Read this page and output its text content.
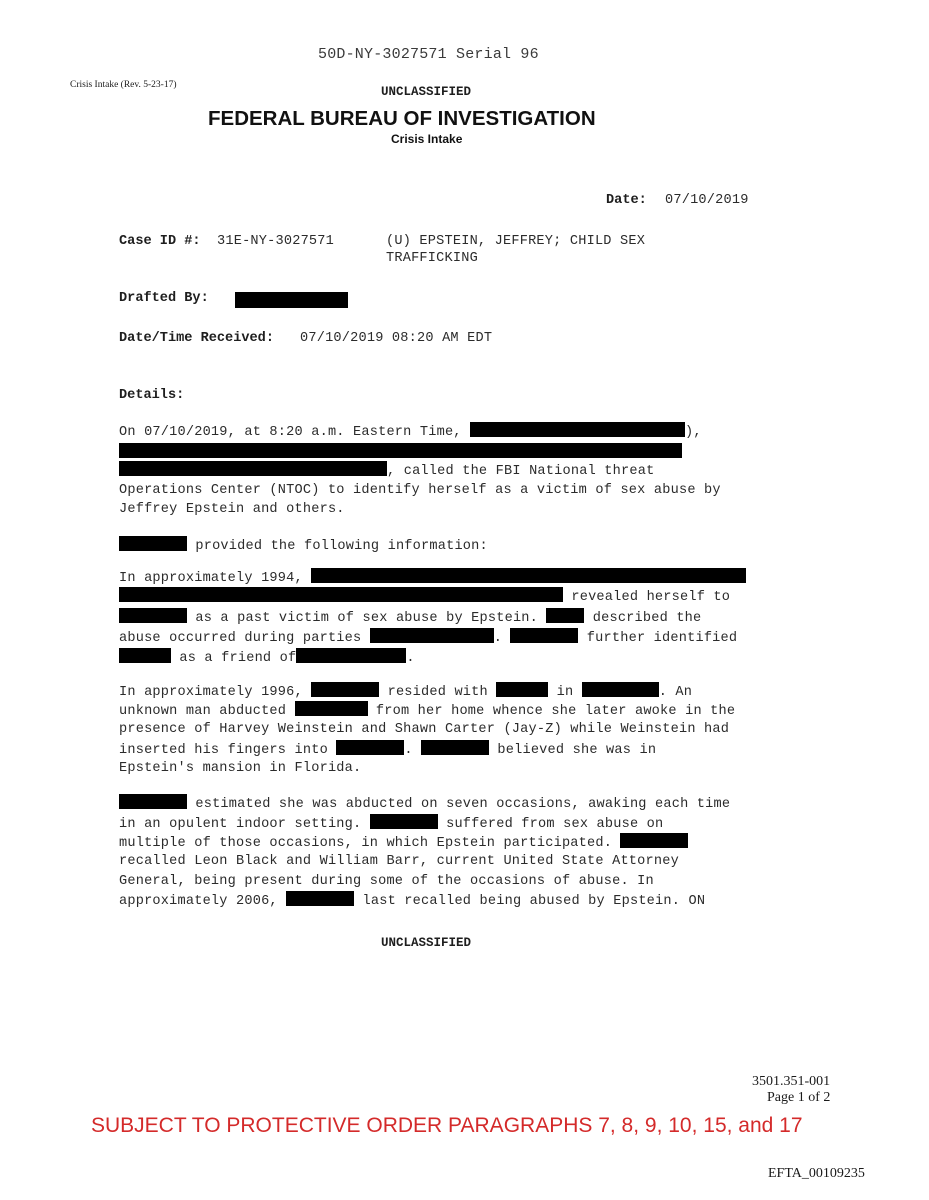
50D-NY-3027571 Serial 96
Crisis Intake (Rev. 5-23-17)	UNCLASSIFIED
FEDERAL BUREAU OF INVESTIGATION
Crisis Intake
Date: 07/10/2019
Case ID #: 31E-NY-3027571	(U) EPSTEIN, JEFFREY; CHILD SEX
TRAFFICKING
Drafted By:
Date/Time Received: 07/10/2019 08:20 AM EDT
Details:
On 07/10/2019, at 8:20 a.m. Eastern Time,	),
, called the FBI National threat
Operations Center (NTOC) to identify herself as a victim of sex abuse by
Jeffrey Epstein and others.
provided the following information:
In approximately 1994,
revealed herself to
as a past victim of sex abuse by Epstein.	described the
abuse occurred during parties	.	further identified
as a friend of	.
In approximately 1996,	resided with	in	. An
unknown man abducted	from her home whence she later awoke in the
presence of Harvey Weinstein and Shawn Carter (Jay-Z) while Weinstein had
inserted his fingers into	.	believed she was in
Epstein's mansion in Florida.
estimated she was abducted on seven occasions, awaking each time
in an opulent indoor setting.	suffered from sex abuse on
multiple of those occasions, in which Epstein participated.
recalled Leon Black and William Barr, current United State Attorney
General, being present during some of the occasions of abuse. In
approximately 2006,	last recalled being abused by Epstein. ON
UNCLASSIFIED
3501.351-001
Page 1 of 2
SUBJECT TO PROTECTIVE ORDER PARAGRAPHS 7, 8, 9, 10, 15, and 17
EFTA_00109235
